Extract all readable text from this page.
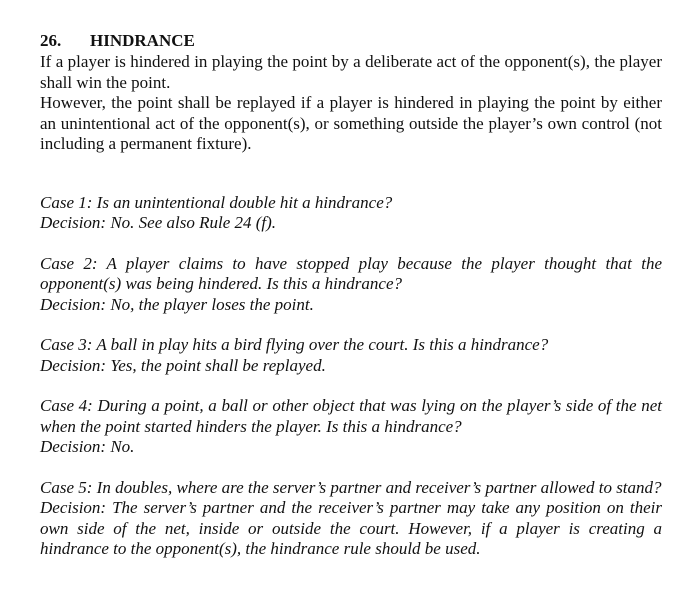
26. HINDRANCE

If a player is hindered in playing the point by a deliberate act of the opponent(s), the player shall win the point.

However, the point shall be replayed if a player is hindered in playing the point by either an unintentional act of the opponent(s), or something outside the player’s own control (not including a permanent fixture).

Case 1: Is an unintentional double hit a hindrance?

Decision: No. See also Rule 24 (f).

Case 2: A player claims to have stopped play because the player thought that the opponent(s) was being hindered. Is this a hindrance?

Decision: No, the player loses the point.

Case 3: A ball in play hits a bird flying over the court. Is this a hindrance?

Decision: Yes, the point shall be replayed.

Case 4: During a point, a ball or other object that was lying on the player’s side of the net when the point started hinders the player. Is this a hindrance?

Decision: No.

Case 5: In doubles, where are the server’s partner and receiver’s partner allowed to stand?

Decision: The server’s partner and the receiver’s partner may take any position on their own side of the net, inside or outside the court. However, if a player is creating a hindrance to the opponent(s), the hindrance rule should be used.
